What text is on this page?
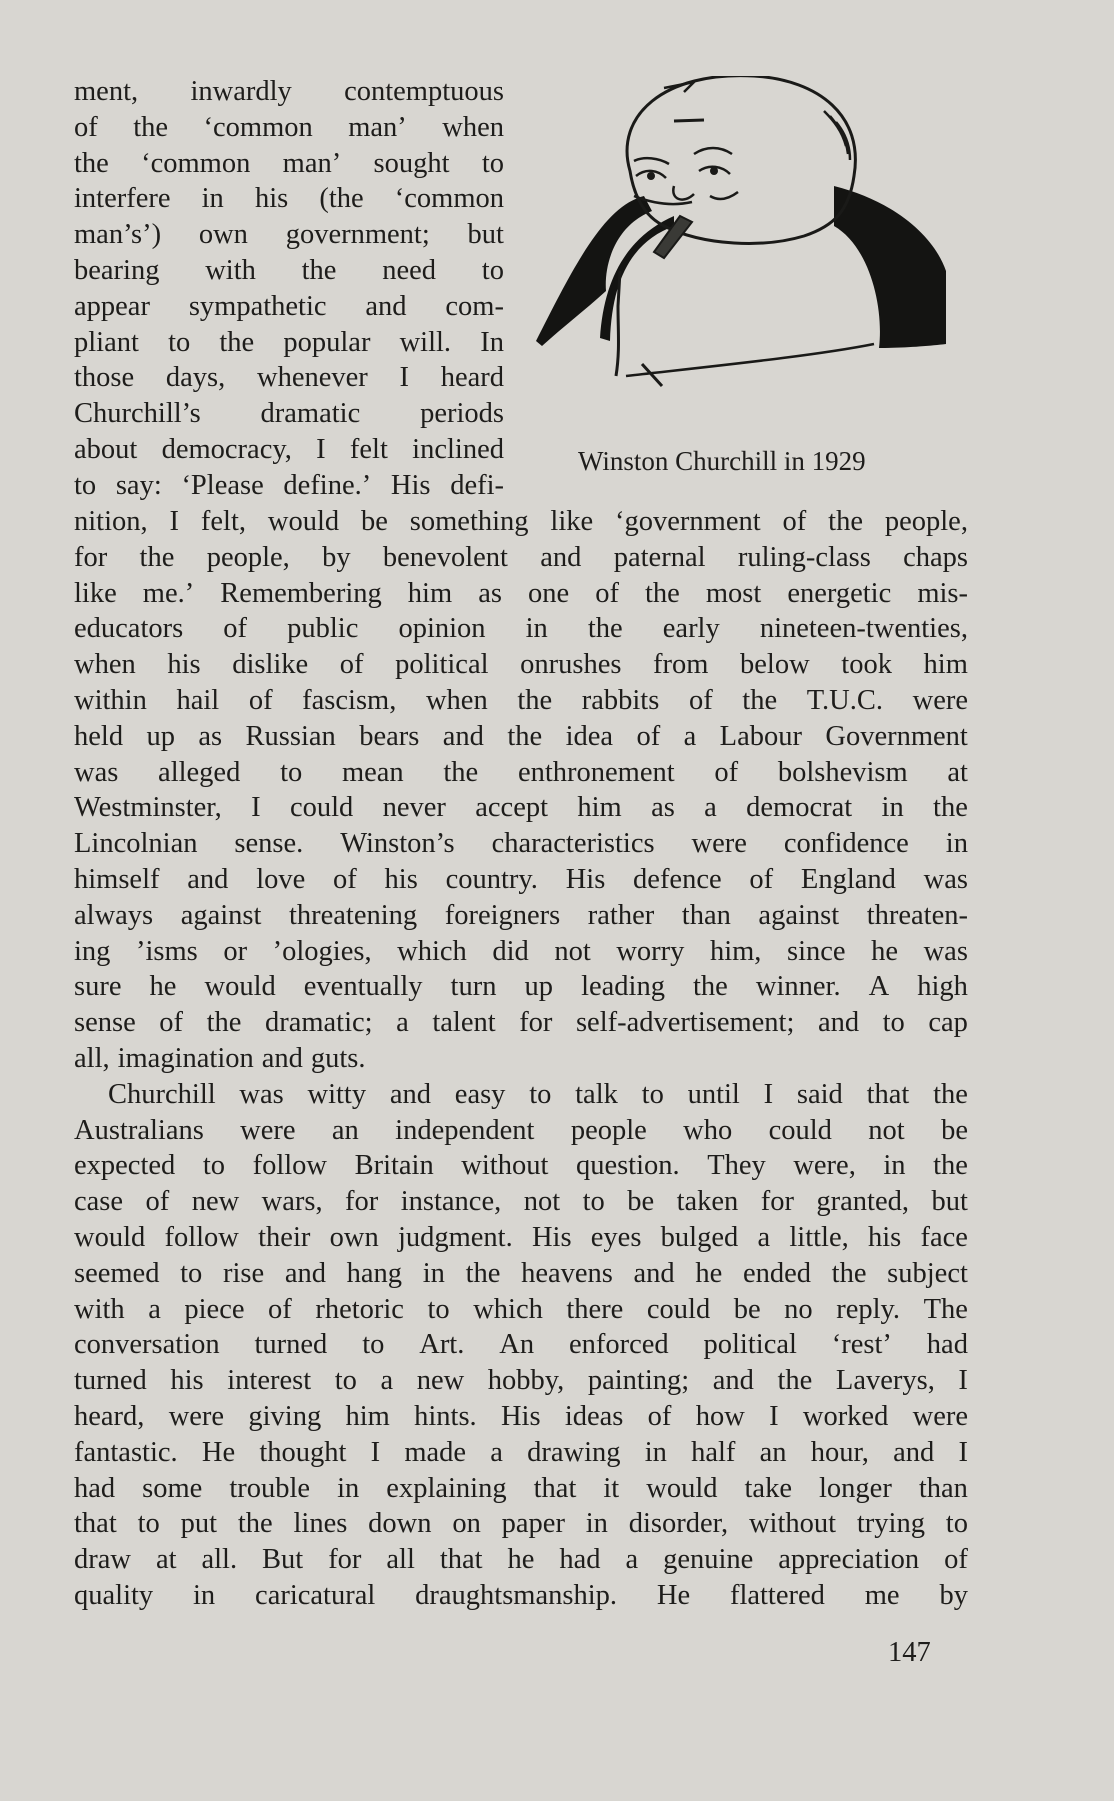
ment, inwardly contemptuous
of the ‘common man’ when
the ‘common man’ sought to
interfere in his (the ‘common
man’s’) own government; but
bearing with the need to
appear sympathetic and com-
pliant to the popular will. In
those days, whenever I heard
Churchill’s dramatic periods
about democracy, I felt inclined
to say: ‘Please define.’ His defi-
Winston Churchill in 1929
nition, I felt, would be something like ‘government of the people,
for the people, by benevolent and paternal ruling-class chaps
like me.’ Remembering him as one of the most energetic mis-
educators of public opinion in the early nineteen-twenties,
when his dislike of political onrushes from below took him
within hail of fascism, when the rabbits of the T.U.C. were
held up as Russian bears and the idea of a Labour Government
was alleged to mean the enthronement of bolshevism at
Westminster, I could never accept him as a democrat in the
Lincolnian sense. Winston’s characteristics were confidence in
himself and love of his country. His defence of England was
always against threatening foreigners rather than against threaten-
ing ’isms or ’ologies, which did not worry him, since he was
sure he would eventually turn up leading the winner. A high
sense of the dramatic; a talent for self-advertisement; and to cap
all, imagination and guts.
Churchill was witty and easy to talk to until I said that the
Australians were an independent people who could not be
expected to follow Britain without question. They were, in the
case of new wars, for instance, not to be taken for granted, but
would follow their own judgment. His eyes bulged a little, his face
seemed to rise and hang in the heavens and he ended the subject
with a piece of rhetoric to which there could be no reply. The
conversation turned to Art. An enforced political ‘rest’ had
turned his interest to a new hobby, painting; and the Laverys, I
heard, were giving him hints. His ideas of how I worked were
fantastic. He thought I made a drawing in half an hour, and I
had some trouble in explaining that it would take longer than
that to put the lines down on paper in disorder, without trying to
draw at all. But for all that he had a genuine appreciation of
quality in caricatural draughtsmanship. He flattered me by
147
